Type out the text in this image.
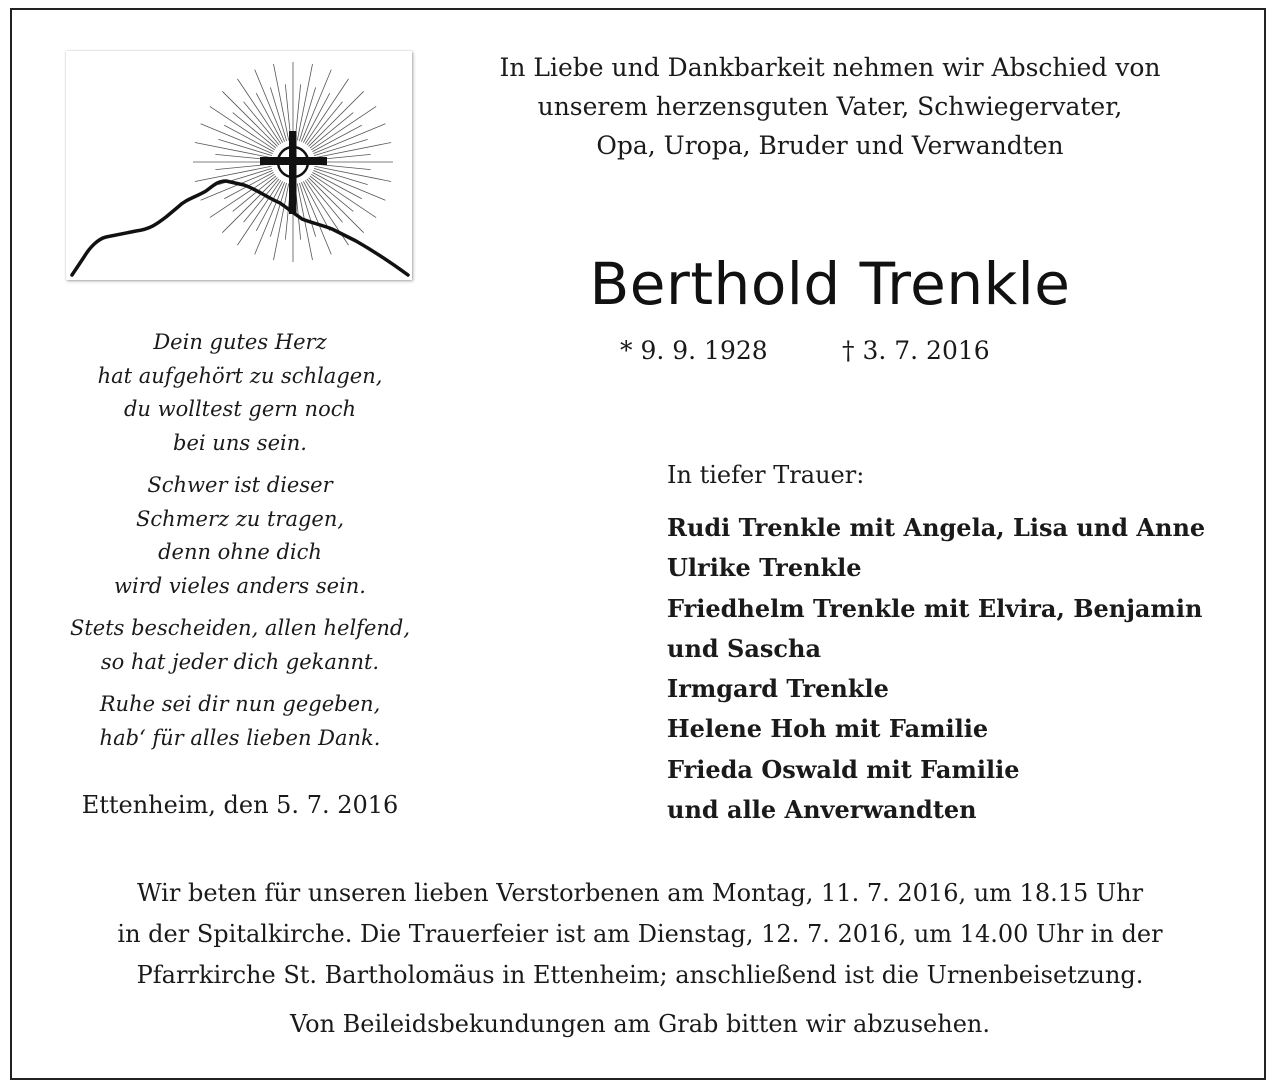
In Liebe und Dankbarkeit nehmen wir Abschied von
unserem herzensguten Vater, Schwiegervater,
Opa, Uropa, Bruder und Verwandten
Berthold Trenkle
* 9. 9. 1928	† 3. 7. 2016
Dein gutes Herz
hat aufgehört zu schlagen,
du wolltest gern noch
bei uns sein.
Schwer ist dieser
Schmerz zu tragen,
denn ohne dich
wird vieles anders sein.
Stets bescheiden, allen helfend,
so hat jeder dich gekannt.
Ruhe sei dir nun gegeben,
hab‘ für alles lieben Dank.
Ettenheim, den 5. 7. 2016
In tiefer Trauer:
Rudi Trenkle mit Angela, Lisa und Anne
Ulrike Trenkle
Friedhelm Trenkle mit Elvira, Benjamin
und Sascha
Irmgard Trenkle
Helene Hoh mit Familie
Frieda Oswald mit Familie
und alle Anverwandten
Wir beten für unseren lieben Verstorbenen am Montag, 11. 7. 2016, um 18.15 Uhr
in der Spitalkirche. Die Trauerfeier ist am Dienstag, 12. 7. 2016, um 14.00 Uhr in der
Pfarrkirche St. Bartholomäus in Ettenheim; anschließend ist die Urnenbeisetzung.
Von Beileidsbekundungen am Grab bitten wir abzusehen.
